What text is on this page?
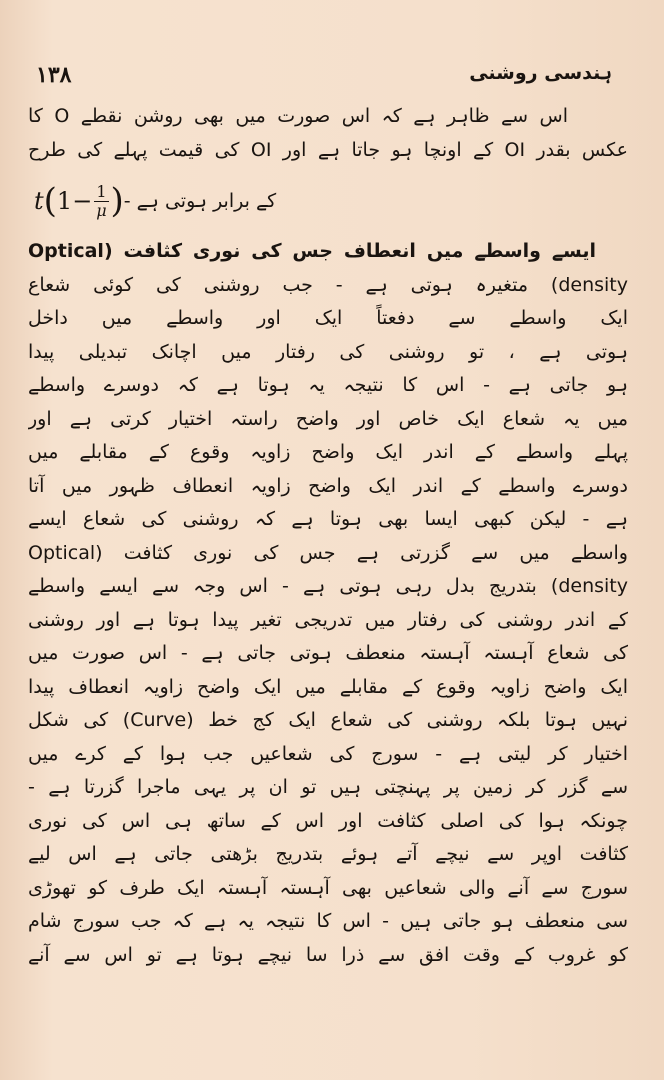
۱۳۸	ہندسی روشنی
اس سے ظاہر ہے کہ اس صورت میں بھی روشن نقطے O کا
عکس بقدر OI کے اونچا ہو جاتا ہے اور OI کی قیمت پہلے کی طرح
کے برابر ہوتی ہے -
t ( $1 - \frac{1}{\mu}$ )
ایسے واسطے میں انعطاف جس کی نوری کثافت (Optical
density) متغیرہ ہوتی ہے - جب روشنی کی کوئی شعاع
ایک واسطے سے دفعتاً ایک اور واسطے میں داخل
ہوتی ہے ، تو روشنی کی رفتار میں اچانک تبدیلی پیدا
ہو جاتی ہے - اس کا نتیجہ یہ ہوتا ہے کہ دوسرے واسطے
میں یہ شعاع ایک خاص اور واضح راستہ اختیار کرتی ہے اور
پہلے واسطے کے اندر ایک واضح زاویہ وقوع کے مقابلے میں
دوسرے واسطے کے اندر ایک واضح زاویہ انعطاف ظہور میں آتا
ہے - لیکن کبھی ایسا بھی ہوتا ہے کہ روشنی کی شعاع ایسے
واسطے میں سے گزرتی ہے جس کی نوری کثافت (Optical
density) بتدریج بدل رہی ہوتی ہے - اس وجہ سے ایسے واسطے
کے اندر روشنی کی رفتار میں تدریجی تغیر پیدا ہوتا ہے اور روشنی
کی شعاع آہستہ آہستہ منعطف ہوتی جاتی ہے - اس صورت میں
ایک واضح زاویہ وقوع کے مقابلے میں ایک واضح زاویہ انعطاف پیدا
نہیں ہوتا بلکہ روشنی کی شعاع ایک کج خط (Curve) کی شکل
اختیار کر لیتی ہے - سورج کی شعاعیں جب ہوا کے کرے میں
سے گزر کر زمین پر پہنچتی ہیں تو ان پر یہی ماجرا گزرتا ہے -
چونکہ ہوا کی اصلی کثافت اور اس کے ساتھ ہی اس کی نوری
کثافت اوپر سے نیچے آتے ہوئے بتدریج بڑھتی جاتی ہے اس لیے
سورج سے آنے والی شعاعیں بھی آہستہ آہستہ ایک طرف کو تھوڑی
سی منعطف ہو جاتی ہیں - اس کا نتیجہ یہ ہے کہ جب سورج شام
کو غروب کے وقت افق سے ذرا سا نیچے ہوتا ہے تو اس سے آنے
